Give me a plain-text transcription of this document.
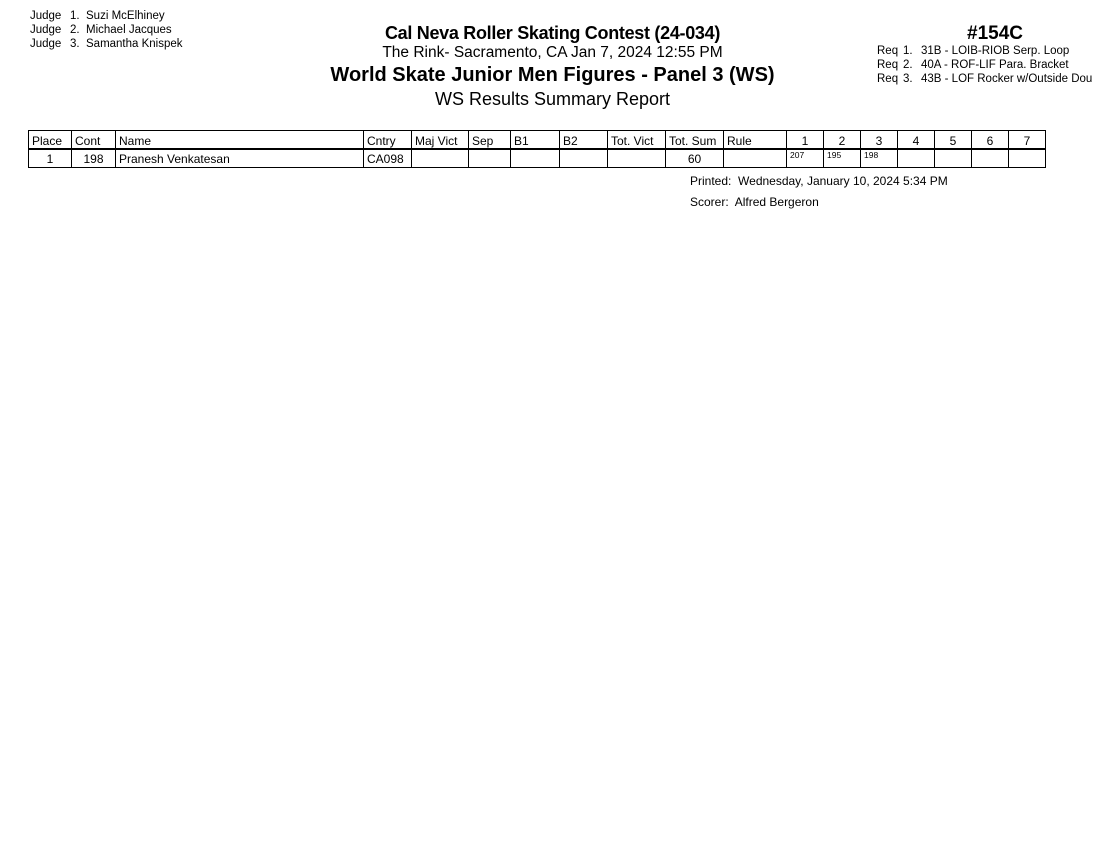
Judge 1. Suzi McElhiney
Judge 2. Michael Jacques
Judge 3. Samantha Knispek
Cal Neva Roller Skating Contest (24-034)
The Rink- Sacramento, CA Jan 7, 2024 12:55 PM
World Skate Junior Men Figures - Panel 3 (WS)
WS Results Summary Report
#154C
Req 1. 31B - LOIB-RIOB Serp. Loop
Req 2. 40A - ROF-LIF Para. Bracket
Req 3. 43B - LOF Rocker w/Outside Dou
Place	Cont	Name	Cntry	Maj Vict	Sep	B1	B2	Tot. Vict	Tot. Sum	Rule	1	2	3	4	5	6	7
1	198	Pranesh Venkatesan	CA098						60		207	195	198				
Printed: Wednesday, January 10, 2024 5:34 PM
Scorer: Alfred Bergeron
